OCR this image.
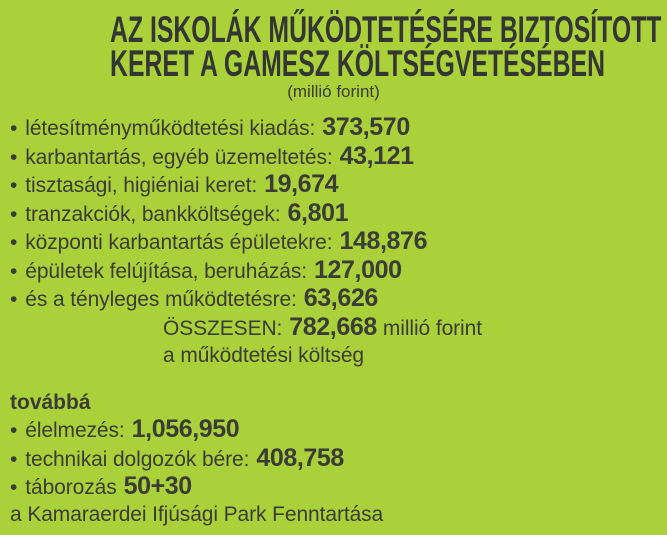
AZ ISKOLÁK MŰKÖDTETÉSÉRE BIZTOSÍTOTT
KERET A GAMESZ KÖLTSÉGVETÉSÉBEN
(millió forint)
• létesítményműködtetési kiadás: 373,570
• karbantartás, egyéb üzemeltetés: 43,121
• tisztasági, higiéniai keret: 19,674
• tranzakciók, bankköltségek: 6,801
• központi karbantartás épületekre: 148,876
• épületek felújítása, beruházás: 127,000
• és a tényleges működtetésre: 63,626
ÖSSZESEN: 782,668 millió forint
a működtetési költség
továbbá
• élelmezés: 1,056,950
• technikai dolgozók bére: 408,758
• táborozás 50+30
a Kamaraerdei Ifjúsági Park Fenntartása
